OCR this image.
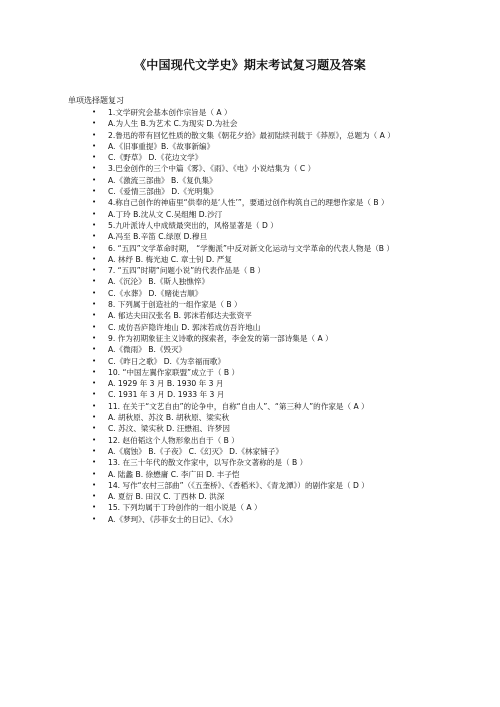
《中国现代文学史》期末考试复习题及答案
单项选择题复习
• 1.文学研究会基本创作宗旨是（ A ）
• A.为人生 B.为艺术 C.为现实 D.为社会
• 2.鲁迅的带有回忆性质的散文集《朝花夕拾》最初陆续刊载于《莽原》，总题为（ A ）
• A.《旧事重提》B.《故事新编》
• C.《野草》 D.《花边文学》
• 3.巴金创作的三个中篇《雾》、《雨》、《电》小说结集为（ C ）
• A.《激流三部曲》 B.《复仇集》
• C.《爱情三部曲》 D.《光明集》
• 4.称自己创作的神庙里“供奉的是‘人性’”，要通过创作构筑自己的理想作家是（ B ）
• A.丁玲 B.沈从文 C.吴组缃 D.沙汀
• 5.九叶派诗人中成绩最突出的，风格显著是（ D ）
• A.冯至 B.辛笛 C.绿原 D.穆旦
• 6. “五四”文学革命时期， “学衡派”中反对新文化运动与文学革命的代表人物是（B ）
• A. 林纾 B. 梅光迪 C. 章士钊 D. 严复
• 7. “五四”时期“问题小说”的代表作品是（ B ）
• A.《沉沦》 B.《斯人独憔悴》
• C.《水葬》 D.《赌徒吉顺》
• 8. 下列属于创造社的一组作家是（ B ）
• A. 郁达夫田汉张名 B. 郭沫若郁达夫张资平
• C. 成仿吾庐隐许地山 D. 郭沫若成仿吾许地山
• 9. 作为初期象征主义诗歌的探索者，李金发的第一部诗集是（ A ）
• A.《微雨》 B.《毁灭》
• C.《昨日之歌》 D.《为幸福而歌》
• 10. “中国左翼作家联盟”成立于（ B ）
• A. 1929 年 3 月 B. 1930 年 3 月
• C. 1931 年 3 月 D. 1933 年 3 月
• 11. 在关于“文艺自由”的论争中，自称“自由人”、“第三种人”的作家是（ A ）
• A. 胡秋原、苏汶 B. 胡秋原、梁实秋
• C. 苏汶、梁实秋 D. 汪懋祖、许梦因
• 12. 赵伯韬这个人物形象出自于（ B ）
• A.《腐蚀》 B.《子夜》 C.《幻灭》 D.《林家铺子》
• 13. 在三十年代的散文作家中，以写作杂文著称的是（ B ）
• A. 陆蠡 B. 徐懋庸 C. 李广田 D. 丰子恺
• 14. 写作“农村三部曲”（《五奎桥》、《香稻米》、《青龙潭》）的剧作家是（ D ）
• A. 夏衍 B. 田汉 C. 丁西林 D. 洪深
• 15. 下列均属于丁玲创作的一组小说是（ A ）
• A.《梦珂》、《莎菲女士的日记》、《水》
